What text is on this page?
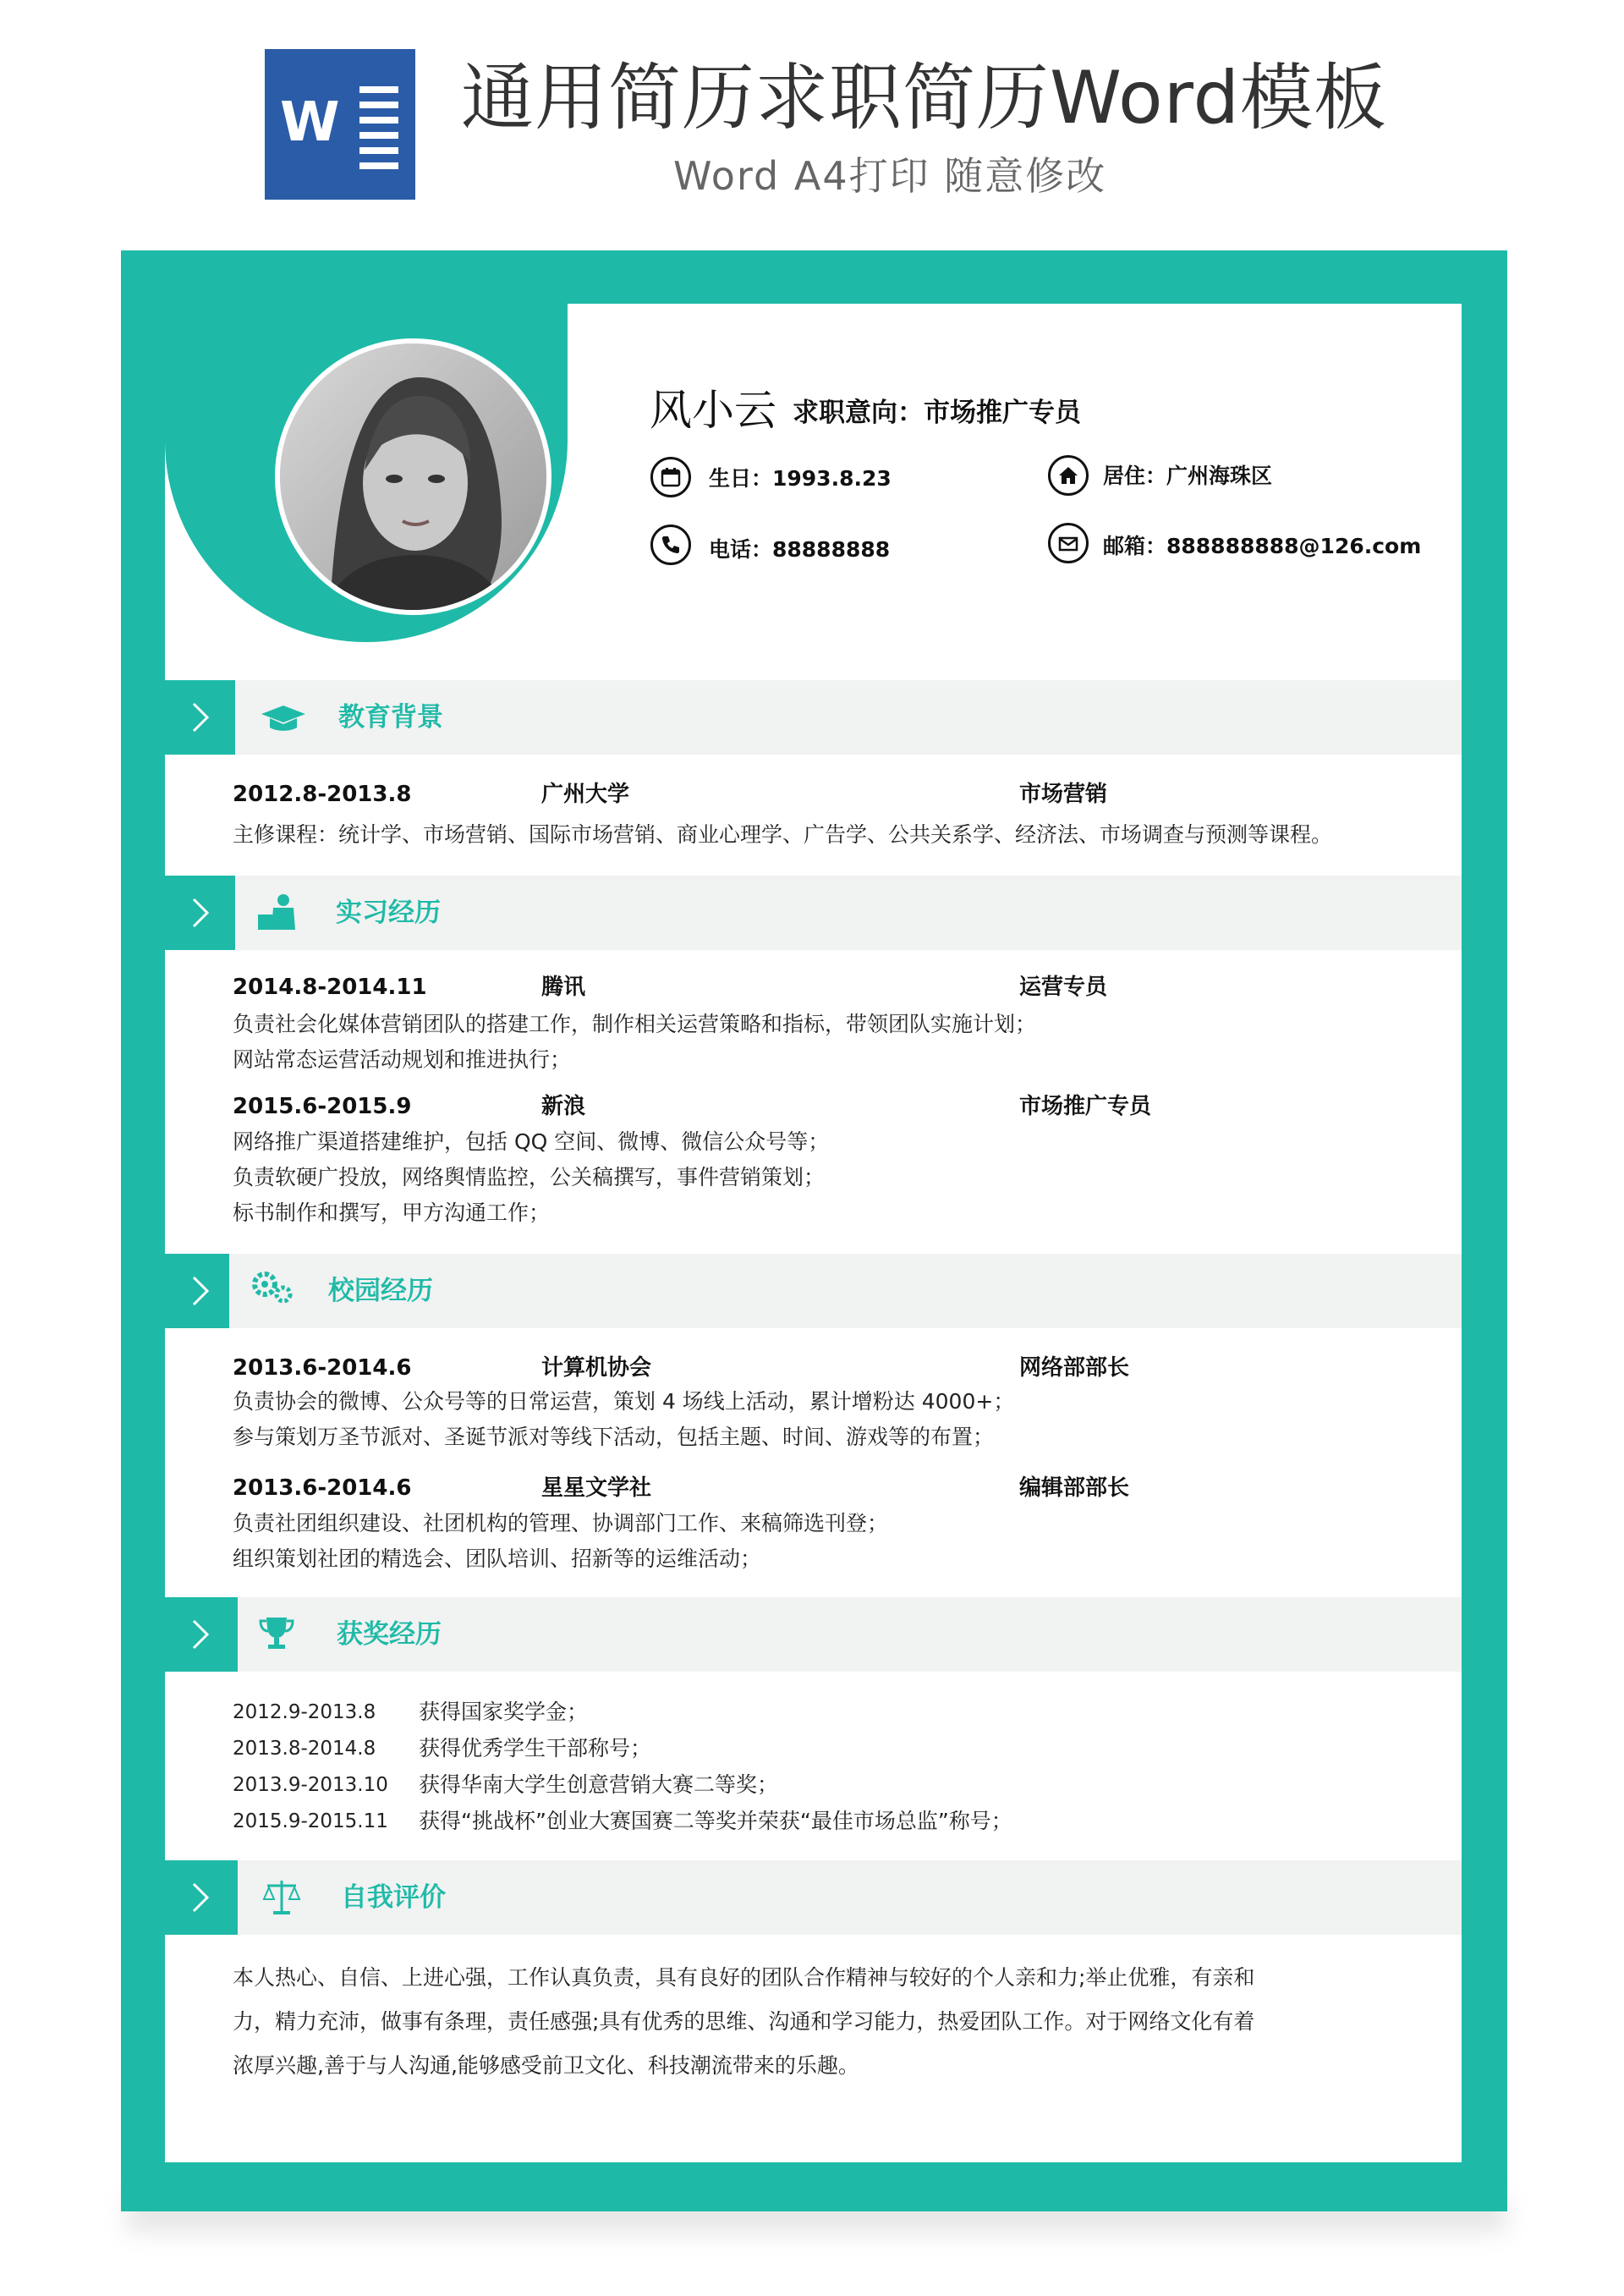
W 通用简历求职简历Word模板
Word A4打印 随意修改
风小云 求职意向：市场推广专员
生日：1993.8.23	居住：广州海珠区
电话：88888888	邮箱：888888888@126.com
教育背景
2012.8-2013.8	广州大学	市场营销
主修课程：统计学、市场营销、国际市场营销、商业心理学、广告学、公共关系学、经济法、市场调查与预测等课程。
实习经历
2014.8-2014.11	腾讯	运营专员
负责社会化媒体营销团队的搭建工作，制作相关运营策略和指标，带领团队实施计划；
网站常态运营活动规划和推进执行；
2015.6-2015.9	新浪	市场推广专员
网络推广渠道搭建维护，包括 QQ 空间、微博、微信公众号等；
负责软硬广投放，网络舆情监控，公关稿撰写，事件营销策划；
标书制作和撰写，甲方沟通工作；
校园经历
2013.6-2014.6	计算机协会	网络部部长
负责协会的微博、公众号等的日常运营，策划 4 场线上活动，累计增粉达 4000+；
参与策划万圣节派对、圣诞节派对等线下活动，包括主题、时间、游戏等的布置；
2013.6-2014.6	星星文学社	编辑部部长
负责社团组织建设、社团机构的管理、协调部门工作、来稿筛选刊登；
组织策划社团的精选会、团队培训、招新等的运维活动；
获奖经历
2012.9-2013.8 获得国家奖学金；
2013.8-2014.8 获得优秀学生干部称号；
2013.9-2013.10 获得华南大学生创意营销大赛二等奖；
2015.9-2015.11 获得“挑战杯”创业大赛国赛二等奖并荣获“最佳市场总监”称号；
自我评价
本人热心、自信、上进心强，工作认真负责，具有良好的团队合作精神与较好的个人亲和力;举止优雅，有亲和
力，精力充沛，做事有条理，责任感强;具有优秀的思维、沟通和学习能力，热爱团队工作。对于网络文化有着
浓厚兴趣,善于与人沟通,能够感受前卫文化、科技潮流带来的乐趣。
